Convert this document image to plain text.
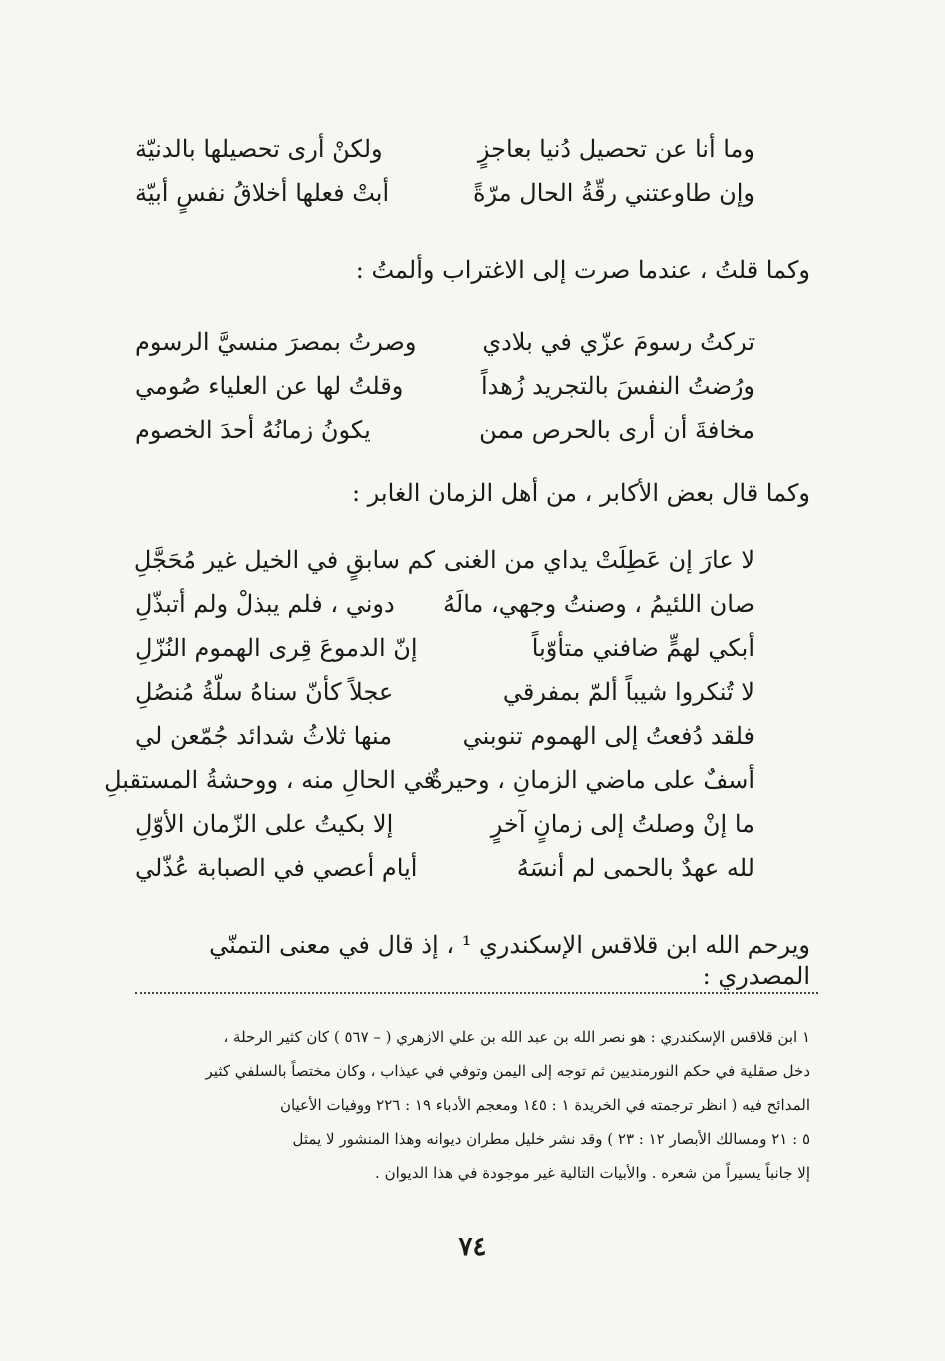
وما أنا عن تحصيل دُنيا بعاجزٍ
ولكنْ أرى تحصيلها بالدنيّة
وإن طاوعتني رقّةُ الحال مرّةً
أبتْ فعلها أخلاقُ نفسٍ أبيّة
وكما قلتُ ، عندما صرت إلى الاغتراب وألمتُ :
تركتُ رسومَ عزّي في بلادي
وصرتُ بمصرَ منسيَّ الرسوم
ورُضتُ النفسَ بالتجريد زُهداً
وقلتُ لها عن العلياء صُومي
مخافةَ أن أرى بالحرص ممن
يكونُ زمانُهُ أحدَ الخصوم
وكما قال بعض الأكابر ، من أهل الزمان الغابر :
لا عارَ إن عَطِلَتْ يداي من الغنى
كم سابقٍ في الخيل غير مُحَجَّلِ
صان اللئيمُ ، وصنتُ وجهي، مالَهُ
دوني ، فلم يبذلْ ولم أتبذّلِ
أبكي لهمٍّ ضافني متأوّباً
إنّ الدموعَ قِرى الهموم النُزّلِ
لا تُنكروا شيباً ألمّ بمفرقي
عجلاً كأنّ سناهُ سلّةُ مُنصُلِ
فلقد دُفعتُ إلى الهموم تنوبني
منها ثلاثُ شدائد جُمّعن لي
أسفٌ على ماضي الزمانِ ، وحيرةٌ
في الحالِ منه ، ووحشةُ المستقبلِ
ما إنْ وصلتُ إلى زمانٍ آخرٍ
إلا بكيتُ على الزّمان الأوّلِ
لله عهدٌ بالحمى لم أنسَهُ
أيام أعصي في الصبابة عُذّلي
ويرحم الله ابن قلاقس الإسكندري ¹ ، إذ قال في معنى التمنّي المصدري :
١ ابن قلاقس الإسكندري : هو نصر الله بن عبد الله بن علي الازهري ( – ٥٦٧ ) كان كثير الرحلة ،
دخل صقلية في حكم النورمنديين ثم توجه إلى اليمن وتوفي في عيذاب ، وكان مختصاً بالسلفي كثير
المدائح فيه ( انظر ترجمته في الخريدة ١ : ١٤٥ ومعجم الأدباء ١٩ : ٢٢٦ ووفيات الأعيان
٥ : ٢١ ومسالك الأبصار ١٢ : ٢٣ ) وقد نشر خليل مطران ديوانه وهذا المنشور لا يمثل
إلا جانباً يسيراً من شعره . والأبيات التالية غير موجودة في هذا الديوان .
٧٤
